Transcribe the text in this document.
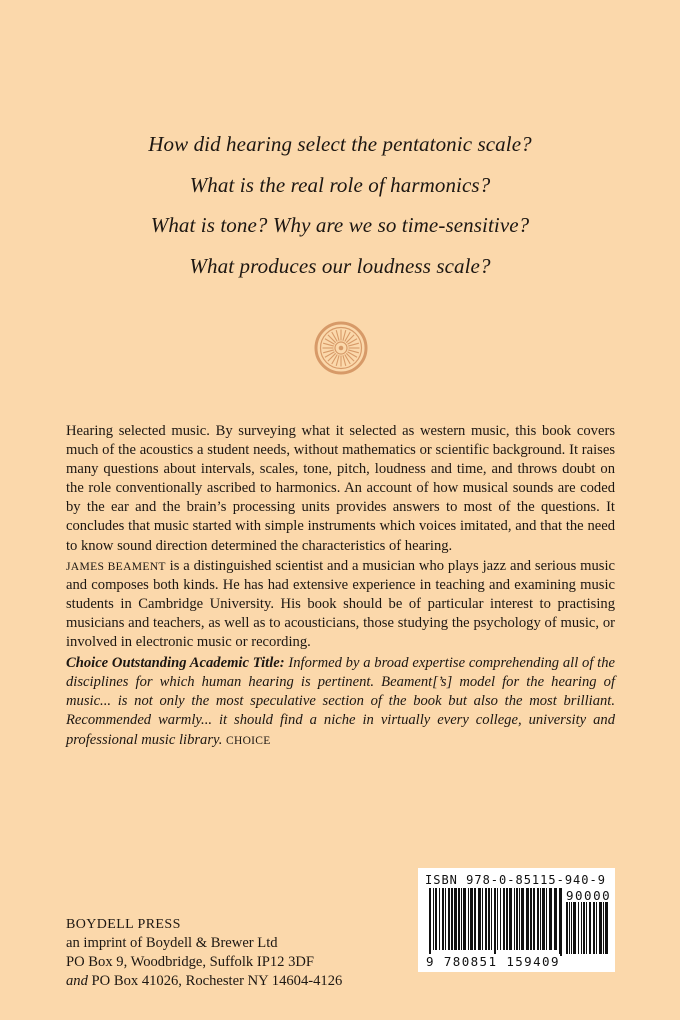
How did hearing select the pentatonic scale?
What is the real role of harmonics?
What is tone? Why are we so time-sensitive?
What produces our loudness scale?

Hearing selected music. By surveying what it selected as western music, this book covers much of the acoustics a student needs, without mathematics or scientific background. It raises many questions about intervals, scales, tone, pitch, loudness and time, and throws doubt on the role conventionally ascribed to harmonics. An account of how musical sounds are coded by the ear and the brain’s processing units provides answers to most of the questions. It concludes that music started with simple instruments which voices imitated, and that the need to know sound direction determined the characteristics of hearing.

JAMES BEAMENT is a distinguished scientist and a musician who plays jazz and serious music and composes both kinds. He has had extensive experience in teaching and examining music students in Cambridge University. His book should be of particular interest to practising musicians and teachers, as well as to acousticians, those studying the psychology of music, or involved in electronic music or recording.

Choice Outstanding Academic Title: Informed by a broad expertise comprehending all of the disciplines for which human hearing is pertinent. Beament[’s] model for the hearing of music... is not only the most speculative section of the book but also the most brilliant. Recommended warmly... it should find a niche in virtually every college, university and professional music library. CHOICE

BOYDELL PRESS
an imprint of Boydell & Brewer Ltd
PO Box 9, Woodbridge, Suffolk IP12 3DF
and PO Box 41026, Rochester NY 14604-4126
ISBN 978-0-85115-940-9
90000
9 780851 159409
